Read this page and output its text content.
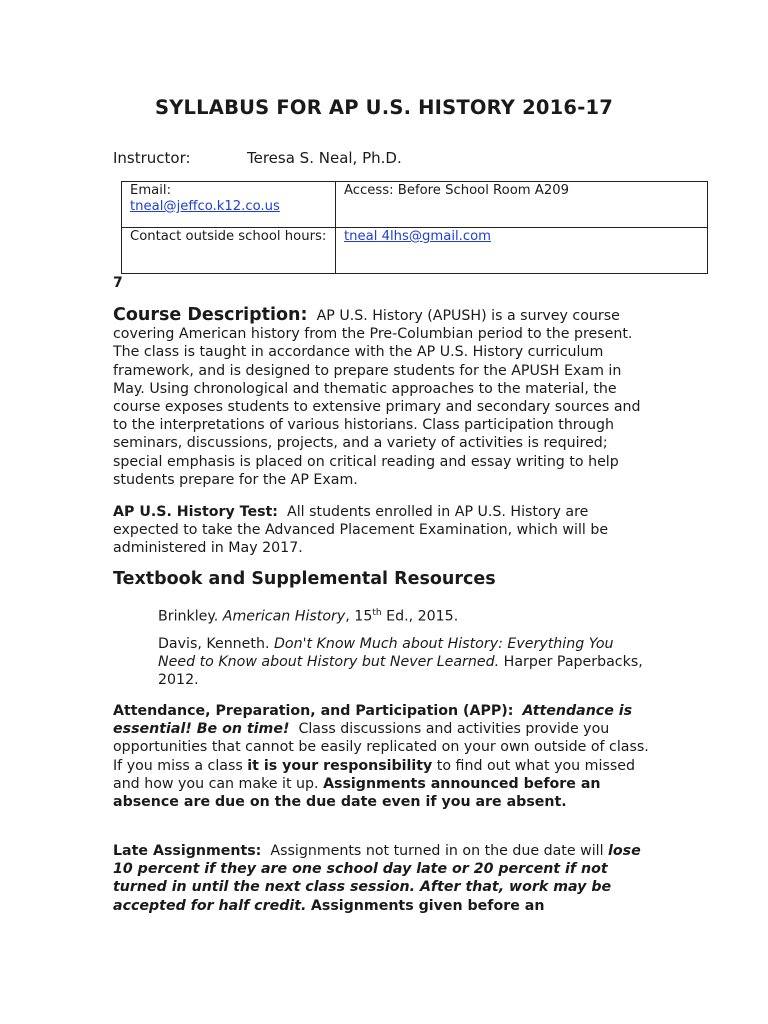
SYLLABUS FOR AP U.S. HISTORY 2016-17
Instructor:	Teresa S. Neal, Ph.D.
Email:
tneal@jeffco.k12.co.us	Access: Before School Room A209
Contact outside school hours:	tneal 4lhs@gmail.com
7

Course Description: AP U.S. History (APUSH) is a survey course covering American history from the Pre-Columbian period to the present. The class is taught in accordance with the AP U.S. History curriculum framework, and is designed to prepare students for the APUSH Exam in May. Using chronological and thematic approaches to the material, the course exposes students to extensive primary and secondary sources and to the interpretations of various historians. Class participation through seminars, discussions, projects, and a variety of activities is required; special emphasis is placed on critical reading and essay writing to help students prepare for the AP Exam.

AP U.S. History Test: All students enrolled in AP U.S. History are expected to take the Advanced Placement Examination, which will be administered in May 2017.

Textbook and Supplemental Resources

Brinkley. American History, 15th Ed., 2015.

Davis, Kenneth. Don't Know Much about History: Everything You Need to Know about History but Never Learned. Harper Paperbacks, 2012.

Attendance, Preparation, and Participation (APP): Attendance is essential! Be on time! Class discussions and activities provide you opportunities that cannot be easily replicated on your own outside of class. If you miss a class it is your responsibility to find out what you missed and how you can make it up. Assignments announced before an absence are due on the due date even if you are absent.

Late Assignments: Assignments not turned in on the due date will lose 10 percent if they are one school day late or 20 percent if not turned in until the next class session. After that, work may be accepted for half credit. Assignments given before an
